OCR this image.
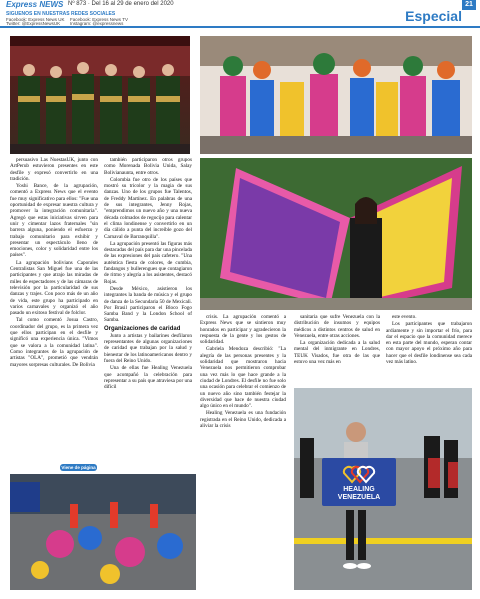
Express NEWS Nº 873 · Del 16 al 29 de enero del 2020
SIGUENOS EN NUESTRAS REDES SOCIALES
Facebook: Express News UK Facebook: Express News TV
Twitter: @ExpressNewsUK Instagram: @expressnews	Especial
21

persuasivo Las NuestasUK, junto con ArtPerub estuvieron presentes en este desfile y expresó convertirlo en una tradición.

Yoshi Bance, de la agrupación, comentó a Express News que el evento fue muy significativo para ellos: "Fue una oportunidad de expresar nuestra cultura y promover la integración comunitaria". Agregó que estas iniciativas sirven para unir y cimentar lazos fraternales "sin barrera alguna, poniendo el esfuerzo y trabajo comunitario para exhibir y presentar un espectáculo lleno de emociones, color y solidaridad entre los países".

La agrupación bolivians Caporales Centralistas San Miguel fue una de las participantes y que atrajo las miradas de miles de espectadores y de las cámaras de televisión por la particularidad de sus danzas y trajes. Con poco más de un año de vida, este grupo ha participado en varios carnavales y organizó el año pasado un exitoso festival de folclor.

Tal como comentó Josua Castro, coordinador del grupo, es la primera vez que ellos participan en el desfile y significó una experiencia única. "Vimos que se valora a la comunidad latina". Como integrantes de la agrupación de artistas "OLA", prometió que vendrán mayores sorpresas culturales. De Bolivia

Viene de página

también participaron otros grupos como Morenada Bolivia Unida, Salay Bolivianaunta, entre otros.

Colombia fue otro de los países que mostró su tricolor y la magia de sus danzas. Uno de los grupos fue Talentos, de Freddy Martínez. En palabras de una de sus integrantes, Jenny Rojas, "emprendimos un nuevo año y una nueva década colmados de regocijo para calentar el clima londinense y convertirlo en un día cálido a punta del increíble gozo del Carnaval de Barranquilla".

La agrupación presentó las figuras más destacadas del país para dar una pincelada de las expresiones del país cafetero. "Una auténtica fiesta de colores, de cumbia, fandangos y bullerengues que contagiaron de ritmo y alegría a los asistentes, destacó Rojas.

Desde México, asistieron los integrantes la banda de música y el grupo de danza de la Secundaria 50 de Mexicali. Por Brasil participaron el Bloco Fogo Samba Band y la London School of Samba.

Organizaciones de caridad

Junto a artistas y bailarines desfilaron representantes de algunas organizaciones de caridad que trabajan por la salud y bienestar de los latinoamericanos dentro y fuera del Reino Unido.

Una de ellas fue Healing Venezuela que acompañó la celebración para representar a su país que atraviesa por una difícil

crisis. La agrupación comentó a Express News que se sintieron muy honrados en participar y agradecieron la respuesta de la gente y los gestos de solidaridad.

Gabriela Mendoza describió: "La alegría de las personas presentes y la solidaridad que mostraron hacia Venezuela nos permitieron comprobar una vez más lo que hace grande a la ciudad de Londres. El desfile no fue solo una ocasión para celebrar el comienzo de un nuevo año sino también festejar la diversidad que hace de nuestra ciudad algo único en el mundo".

Healing Venezuela es una fundación registrada en el Reino Unido, dedicada a aliviar la crisis

sanitaria que sufre Venezuela con la distribución de insumos y equipos médicos a distintos centros de salud en Venezuela, entre otras acciones.

La organización dedicada a la salud mental del inmigrante en Londres, TEUK Visados, fue otra de las que estuvo una vez más en

este evento.

Los participantes que trabajaron ardiamente y sin importar el frío, para dar el espacio que la comunidad merece en esta parte del mundo, esperan contar con mayor apoyo el próximo año para hacer que el desfile londinense sea cada vez más latino.

HEALING VENEZUELA
